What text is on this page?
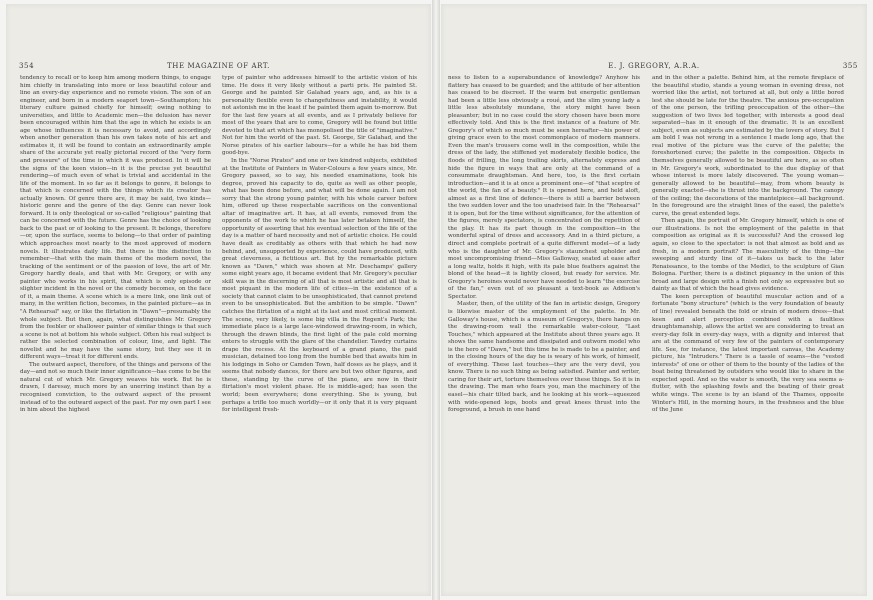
354	THE MAGAZINE OF ART.

tendency to recall or to keep him among modern things, to engage him chiefly in translating into more or less beautiful colour and line an every-day experience and no remote vision. The son of an engineer, and born in a modern seaport town—Southampton; his literary culture gained chiefly for himself; owing nothing to universities, and little to Academic men—the delusion has never been encouraged within him that the age in which he exists is an age whose influences it is necessary to avoid, and accordingly when another generation than his own takes note of his art and estimates it, it will be found to contain an extraordinarily ample share of the accurate yet really pictorial record of the "very form and pressure" of the time in which it was produced. In it will be the signs of the keen vision—in it is the precise yet beautiful rendering—of much even of what is trivial and accidental in the life of the moment. In so far as it belongs to genre, it belongs to that which is concerned with the things which its creator has actually known. Of genre there are, it may be said, two kinds—historic genre and the genre of the day. Genre can never look forward. It is only theological or so-called "religious" painting that can be concerned with the future. Genre has the choice of looking back to the past or of looking to the present. It belongs, therefore—or, upon the surface, seems to belong—to that order of painting which approaches most nearly to the most approved of modern novels. It illustrates daily life. But there is this distinction to remember—that with the main theme of the modern novel, the tracking of the sentiment or of the passion of love, the art of Mr. Gregory hardly deals, and that with Mr. Gregory, or with any painter who works in his spirit, that which is only episode or slighter incident in the novel or the comedy becomes, on the face of it, a main theme. A scene which is a mere link, one link out of many, in the written fiction, becomes, in the painted picture—as in "A Rehearsal" say, or like the flirtation in "Dawn"—presumably the whole subject. But then, again, what distinguishes Mr. Gregory from the feebler or shallower painter of similar things is that such a scene is not at bottom his whole subject. Often his real subject is rather the selected combination of colour, line, and light. The novelist and he may have the same story, but they see it in different ways—treat it for different ends.

The outward aspect, therefore, of the things and persons of the day—and not so much their inner significance—has come to be the natural cut of which Mr. Gregory weaves his work. But he is drawn, I daresay, much more by an unerring instinct than by a recognised conviction, to the outward aspect of the present instead of to the outward aspect of the past. For my own part I see in him about the highest

type of painter who addresses himself to the artistic vision of his time. He does it very likely without a parti pris. He painted St. George and he painted Sir Galahad years ago, and, as his is a personality flexible even to changefulness and instability, it would not astonish me in the least if he painted them again to-morrow. But for the last few years at all events, and as I privately believe for most of the years that are to come, Gregory will be found but little devoted to that art which has monopolised the title of "imaginative." Not for him the world of the past. St. George, Sir Galahad, and the Norse pirates of his earlier labours—for a while he has bid them good-bye.

In the "Norse Pirates" and one or two kindred subjects, exhibited at the Institute of Painters in Water-Colours a few years since, Mr. Gregory passed, so to say, his needed examinations, took his degree, proved his capacity to do, quite as well as other people, what has been done before, and what will be done again. I am not sorry that the strong young painter, with his whole career before him, offered up these respectable sacrifices on the conventional altar of imaginative art. It has, at all events, removed from the opponents of the work to which he has later betaken himself, the opportunity of asserting that his eventual selection of the life of the day is a matter of hard necessity and not of artistic choice. He could have dealt as creditably as others with that which he had now behind, and, unsupported by experience, could have produced, with great cleverness, a fictitious art. But by the remarkable picture known as "Dawn," which was shown at Mr. Deschamps' gallery some eight years ago, it became evident that Mr. Gregory's peculiar skill was in the discerning of all that is most artistic and all that is most piquant in the modern life of cities—in the existence of a society that cannot claim to be unsophisticated, that cannot pretend even to be unsophisticated. But the ambition to be simple. "Dawn" catches the flirtation of a night at its last and most critical moment. The scene, very likely, is some big villa in the Regent's Park; the immediate place is a large lace-windowed drawing-room, in which, through the drawn blinds, the first light of the pale cold morning enters to struggle with the glare of the chandelier. Tawdry curtains drape the recess. At the keyboard of a grand piano, the paid musician, detained too long from the humble bed that awaits him in his lodgings in Soho or Camden Town, half doses as he plays, and it seems that nobody dances, for there are but two other figures, and these, standing by the curve of the piano, are now in their flirtation's most violent phase. He is middle-aged; has seen the world; been everywhere; done everything. She is young, but perhaps a trifle too much worldly—or it only that it is very piquant for intelligent fresh-

E. J. GREGORY, A.R.A.	355

ness to listen to a superabundance of knowledge? Anyhow his flattery has ceased to be guarded; and the attitude of her attention has ceased to be discreet. If the warm but energetic gentleman had been a little less obviously a roué, and the slim young lady a little less absolutely mundane, the story might have been pleasanter; but in no case could the story chosen have been more effectively told. And this is the first instance of a feature of Mr. Gregory's of which so much must be seen hereafter—his power of giving grace even to the most commonplace of modern manners. Even the man's trousers come well in the composition, while the dress of the lady, the stiffened yet moderately flexible bodice, the floods of frilling, the long trailing skirts, alternately express and hide the figure in ways that are only at the command of a consummate draughtsman. And here, too, is the first certain introduction—and it is at once a prominent one—of "that sceptre of the world, the fan of a beauty." It is opened here, and held aloft, almost as a first line of defence—there is still a barrier between the two sudden lover and the too unadvised fair. In the "Rehearsal" it is open, but for the time without significance, for the attention of the figures, merely spectators, is concentrated on the repetition of the play. It has its part though in the composition—in the wonderful spiral of dress and accessory. And in a third picture, a direct and complete portrait of a quite different model—of a lady who is the daughter of Mr. Gregory's staunchest upholder and most uncompromising friend—Miss Galloway, seated at ease after a long waltz, holds it high, with its pale blue feathers against the blond of the head—it is lightly closed, but ready for service. Mr. Gregory's heroines would never have needed to learn "the exercise of the fan," even out of so pleasant a text-book as Addison's Spectator.

Master, then, of the utility of the fan in artistic design, Gregory is likewise master of the employment of the palette. In Mr. Galloway's house, which is a museum of Gregorys, there hangs on the drawing-room wall the remarkable water-colour, "Last Touches," which appeared at the Institute about three years ago. It shows the same handsome and dissipated and outworn model who is the hero of "Dawn," but this time he is made to be a painter, and in the closing hours of the day he is weary of his work, of himself, of everything. These last touches—they are the very devil, you know. There is no such thing as being satisfied. Painter and writer, caring for their art, torture themselves over these things. So it is in the drawing. The man who fears you, man the machinery of the easel—his chair tilted back, and he looking at his work—squeezed with wide-opened legs, boots and great knees thrust into the foreground, a brush in one hand

and in the other a palette. Behind him, at the remote fireplace of the beautiful studio, stands a young woman in evening dress, not worried like the artist, not tortured at all, but only a little bored lest she should be late for the theatre. The anxious pre-occupation of the one person, the trifling preoccupation of the other—the suggestion of two lives led together, with interests a good deal separated—has in it enough of the dramatic. It is an excellent subject, even as subjects are estimated by the lovers of story. But I am bold I was not wrong in a sentence I made long ago, that the real motive of the picture was the curve of the palette; the foreshortened curve; the palette in the composition. Objects in themselves generally allowed to be beautiful are here, as so often in Mr. Gregory's work, subordinated to the due display of that whose interest is more lately discovered. The young woman—generally allowed to be beautiful—may, from whom beauty is generally exacted—she is thrust into the background. The canopy of the ceiling; the decorations of the mantelpiece—all background. In the foreground are the straight lines of the easel, the palette's curve, the great extended legs.

Then again, the portrait of Mr. Gregory himself, which is one of our illustrations. Is not the employment of the palette in that composition as original as it is successful? And the crossed leg again, so close to the spectator: is not that almost as bold and as fresh, in a modern portrait? The masculinity of the thing—the sweeping and sturdy line of it—takes us back to the later Renaissance, to the tombs of the Medici, to the sculpture of Gian Bologna. Further, there is a distinct piquancy in the union of this broad and large design with a finish not only so expressive but so dainty as that of which the head gives evidence.

The keen perception of beautiful muscular action and of a fortunate "bony structure" (which is the very foundation of beauty of line) revealed beneath the fold or strain of modern dress—that keen and alert perception combined with a faultless draughtsmanship, allows the artist we are considering to treat an every-day folk in every-day ways, with a dignity and interest that are at the command of very few of the painters of contemporary life. See, for instance, the latest important canvas, the Academy picture, his "Intruders." There is a tassle of seams—the "vested interests" of one or other of them to the bounty of the ladies of the boat being threatened by outsiders who would like to share in the expected spoil. And so the water is smooth, the very sea seems a-flutter, with the splashing fowls and the beating of their great white wings. The scene is by an island of the Thames, opposite Winter's Hill, in the morning hours, in the freshness and the blue of the June
